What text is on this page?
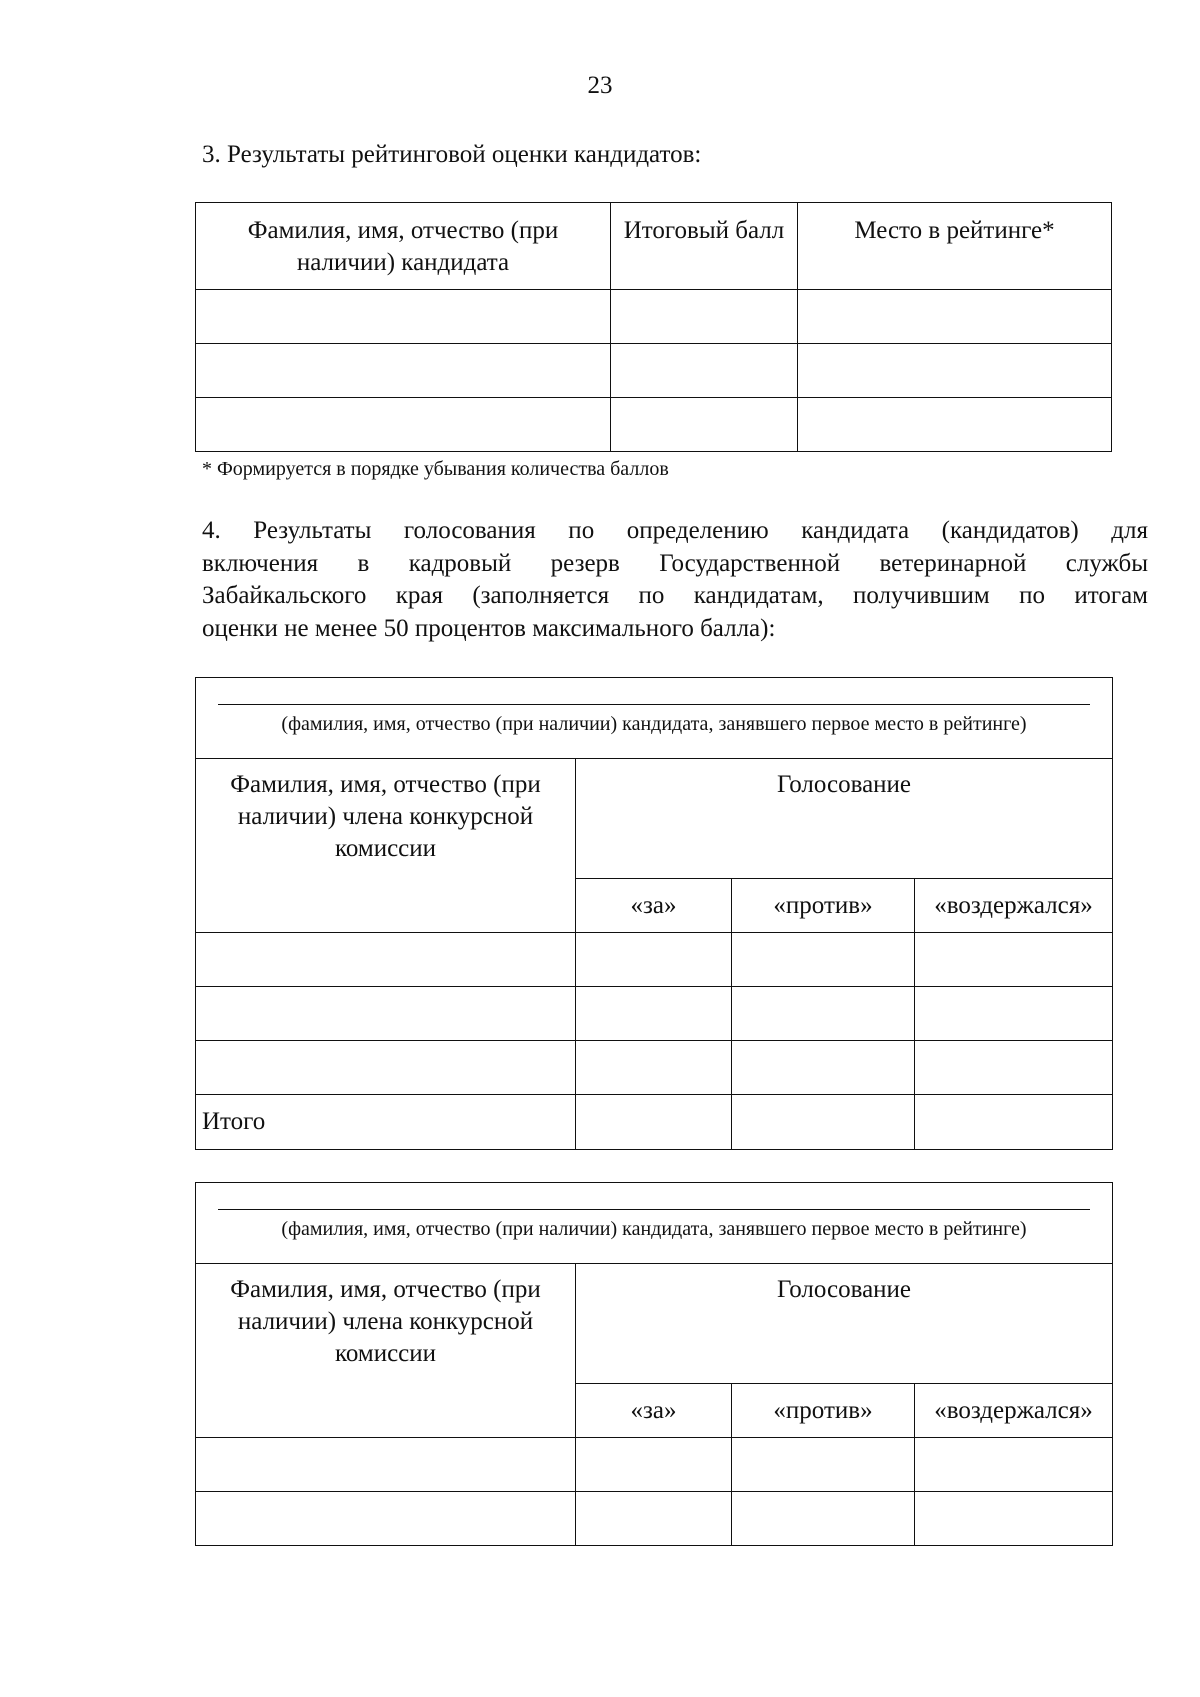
23
3. Результаты рейтинговой оценки кандидатов:
Фамилия, имя, отчество (при наличии) кандидата	Итоговый балл	Место в рейтинге*

* Формируется в порядке убывания количества баллов
4. Результаты голосования по определению кандидата (кандидатов) для
включения в кадровый резерв Государственной ветеринарной службы
Забайкальского края (заполняется по кандидатам, получившим по итогам
оценки не менее 50 процентов максимального балла):
(фамилия, имя, отчество (при наличии) кандидата, занявшего первое место в рейтинге)			

Фамилия, имя, отчество (при наличии) члена конкурсной комиссии	Голосование		
	«за»	«против»	«воздержался»

Итого			
(фамилия, имя, отчество (при наличии) кандидата, занявшего первое место в рейтинге)			

Фамилия, имя, отчество (при наличии) члена конкурсной комиссии	Голосование		
	«за»	«против»	«воздержался»
